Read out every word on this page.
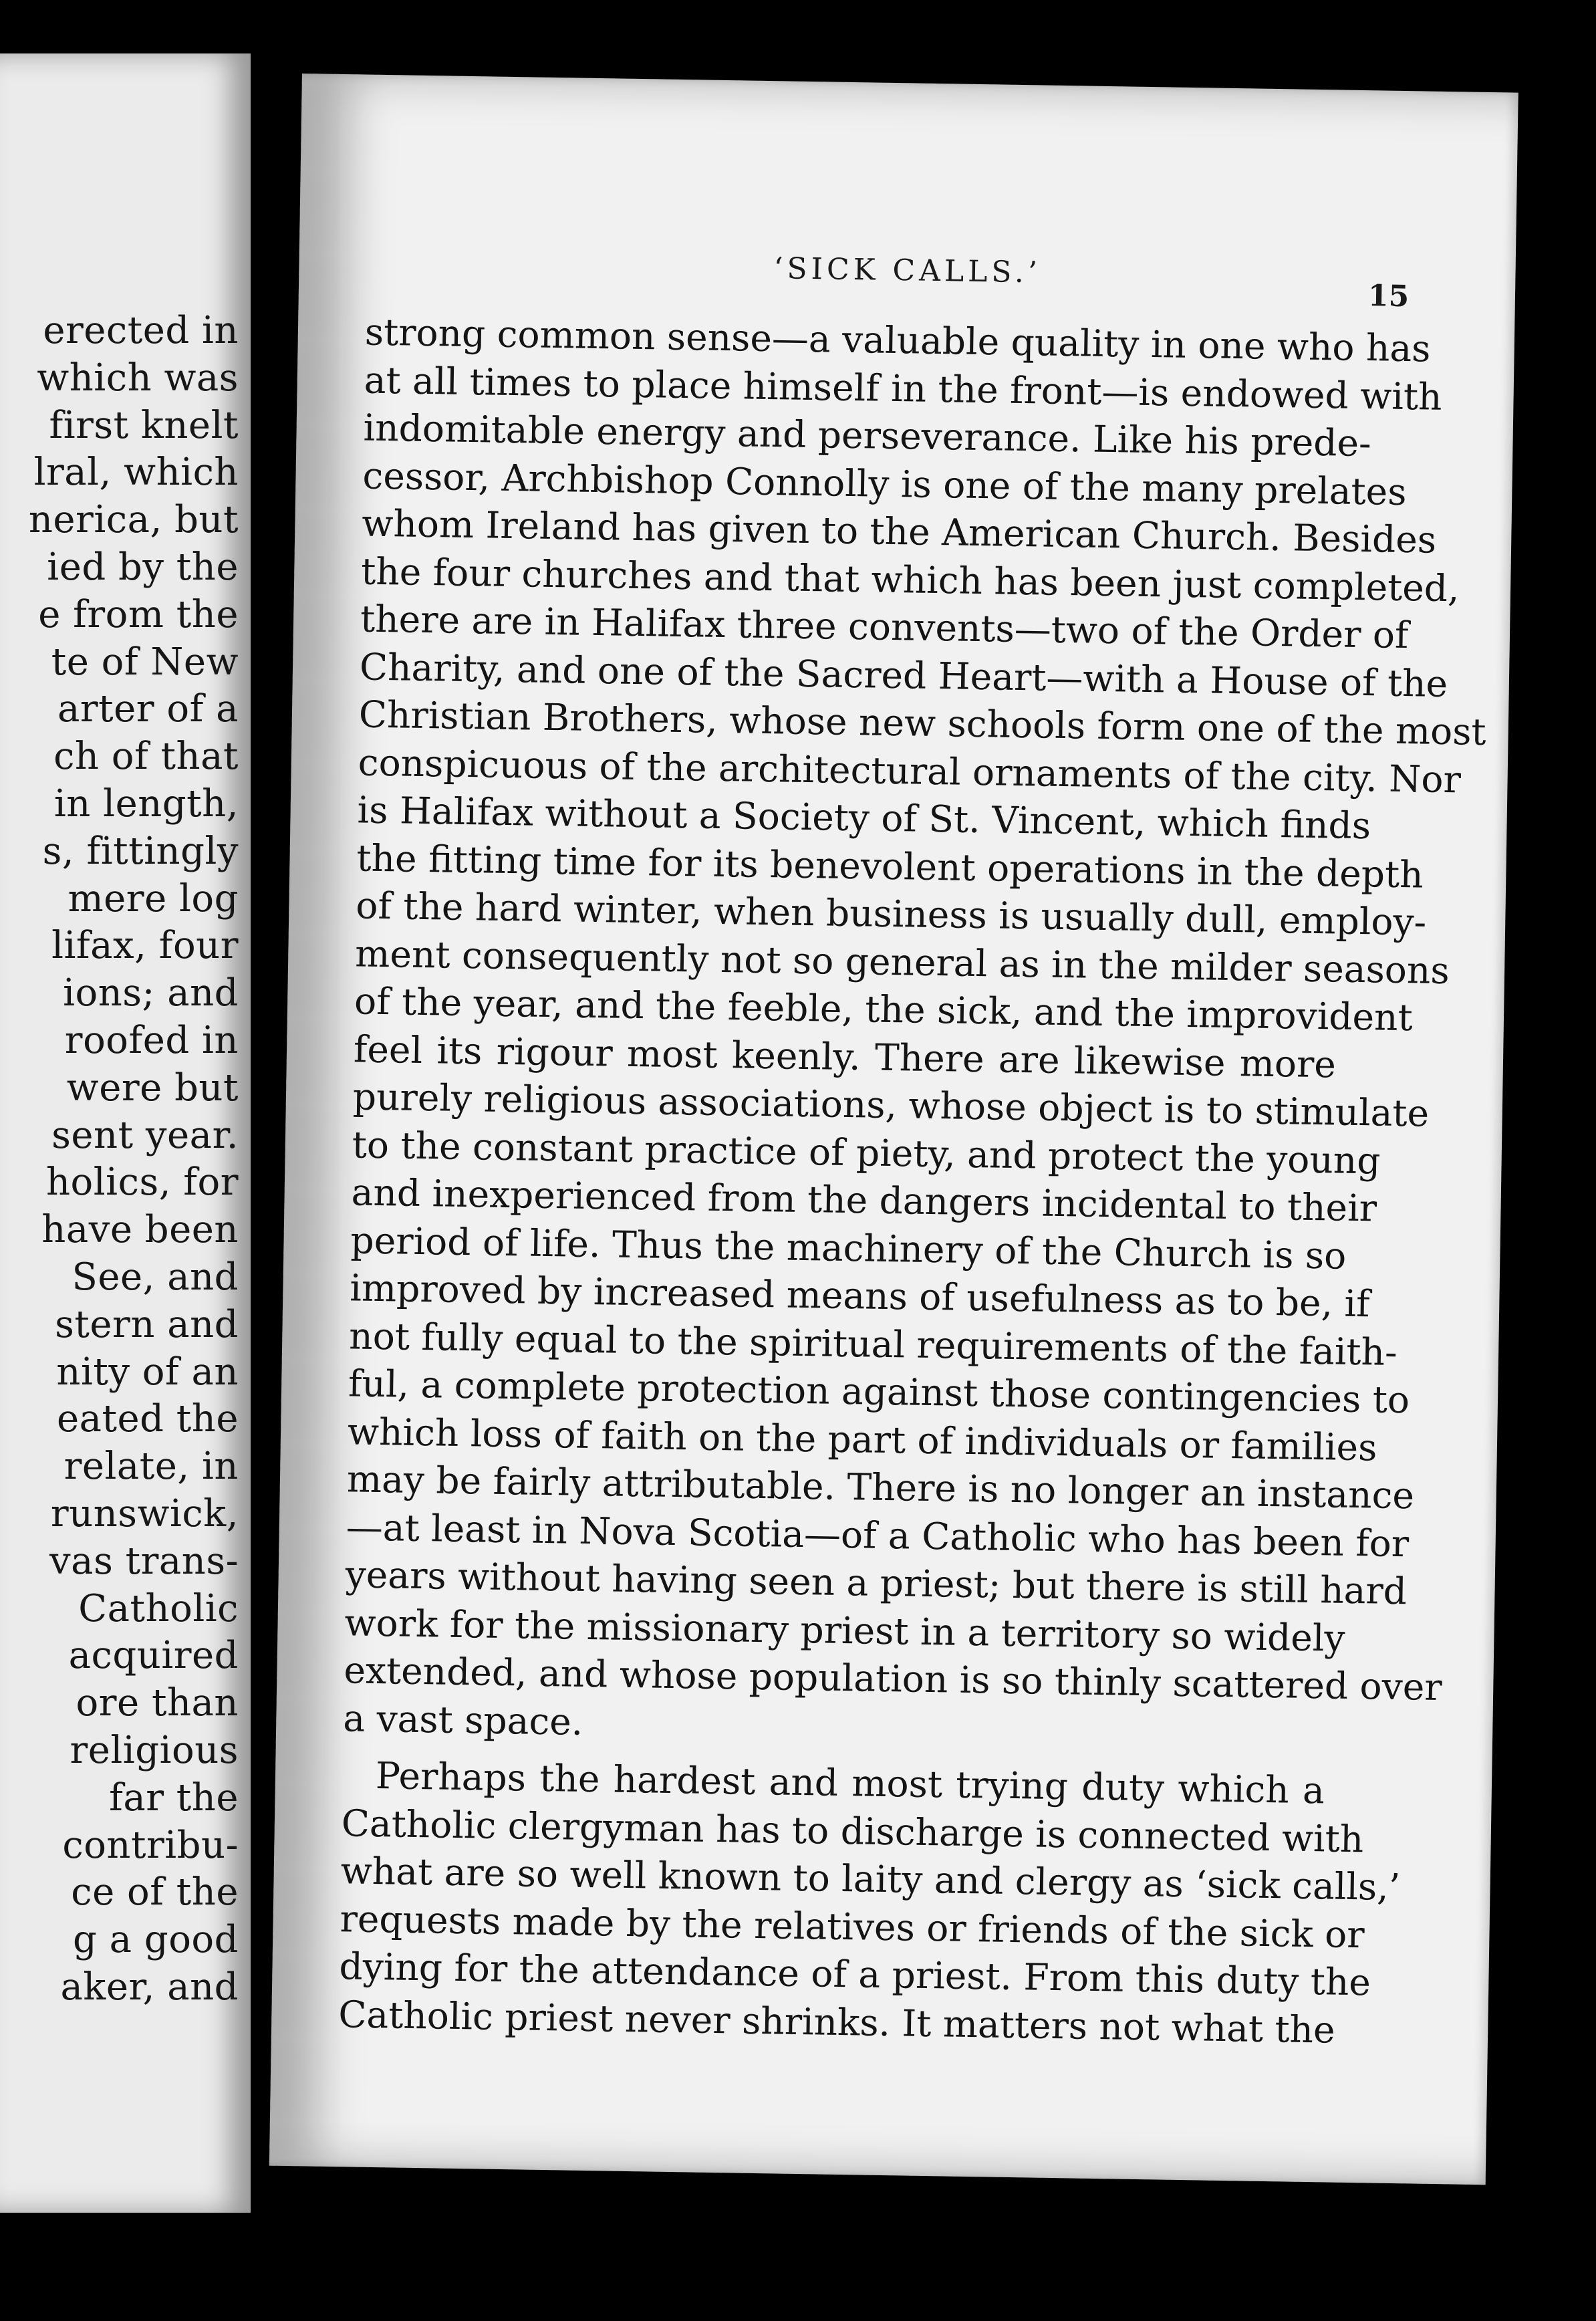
erected in
which was
first knelt
lral, which
nerica, but
ied by the
e from the
te of New
arter of a
ch of that
in length,
s, fittingly
mere log
lifax, four
ions; and
roofed in
were but
sent year.
holics, for
have been
See, and
stern and
nity of an
eated the
relate, in
runswick,
vas trans-
Catholic
acquired
ore than
religious
far the
contribu-
ce of the
g a good
aker, and
‘SICK CALLS.’
15
strong common sense—a valuable quality in one who has
at all times to place himself in the front—is endowed with
indomitable energy and perseverance. Like his prede-
cessor, Archbishop Connolly is one of the many prelates
whom Ireland has given to the American Church. Besides
the four churches and that which has been just completed,
there are in Halifax three convents—two of the Order of
Charity, and one of the Sacred Heart—with a House of the
Christian Brothers, whose new schools form one of the most
conspicuous of the architectural ornaments of the city. Nor
is Halifax without a Society of St. Vincent, which finds
the fitting time for its benevolent operations in the depth
of the hard winter, when business is usually dull, employ-
ment consequently not so general as in the milder seasons
of the year, and the feeble, the sick, and the improvident
feel its rigour most keenly. There are likewise more
purely religious associations, whose object is to stimulate
to the constant practice of piety, and protect the young
and inexperienced from the dangers incidental to their
period of life. Thus the machinery of the Church is so
improved by increased means of usefulness as to be, if
not fully equal to the spiritual requirements of the faith-
ful, a complete protection against those contingencies to
which loss of faith on the part of individuals or families
may be fairly attributable. There is no longer an instance
—at least in Nova Scotia—of a Catholic who has been for
years without having seen a priest; but there is still hard
work for the missionary priest in a territory so widely
extended, and whose population is so thinly scattered over
a vast space.
Perhaps the hardest and most trying duty which a
Catholic clergyman has to discharge is connected with
what are so well known to laity and clergy as ‘sick calls,’
requests made by the relatives or friends of the sick or
dying for the attendance of a priest. From this duty the
Catholic priest never shrinks. It matters not what the
